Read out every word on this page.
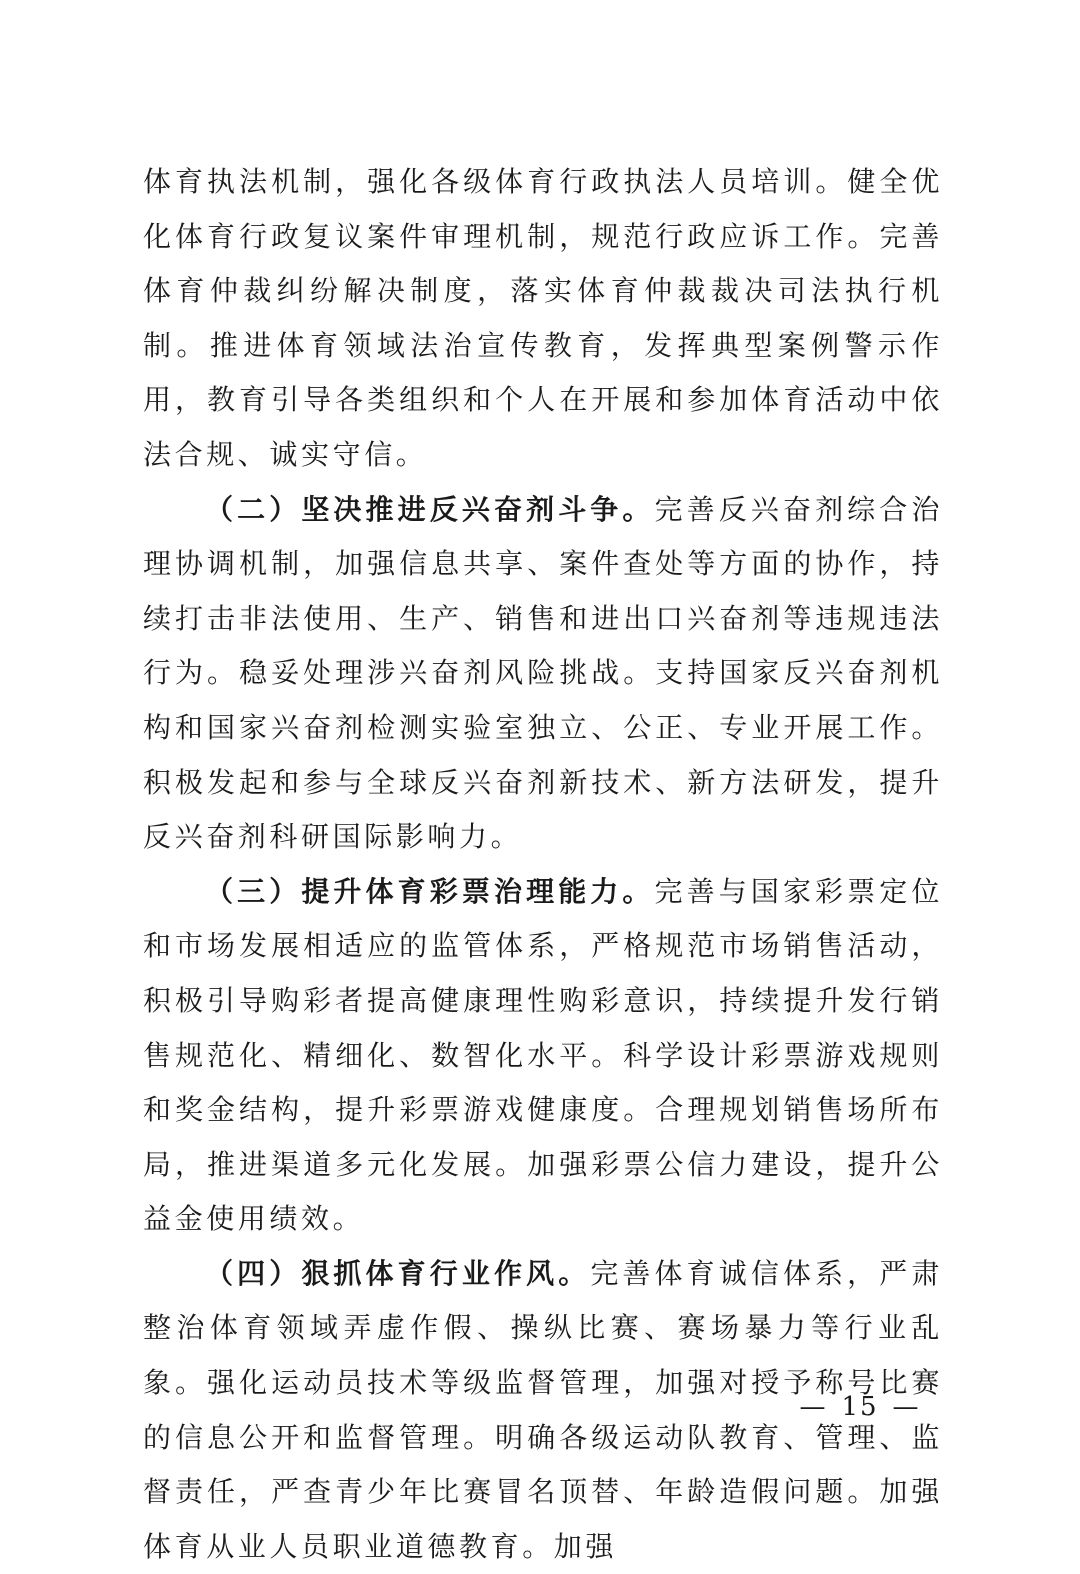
体育执法机制，强化各级体育行政执法人员培训。健全优化体育行政复议案件审理机制，规范行政应诉工作。完善体育仲裁纠纷解决制度，落实体育仲裁裁决司法执行机制。推进体育领域法治宣传教育，发挥典型案例警示作用，教育引导各类组织和个人在开展和参加体育活动中依法合规、诚实守信。

（二）坚决推进反兴奋剂斗争。完善反兴奋剂综合治理协调机制，加强信息共享、案件查处等方面的协作，持续打击非法使用、生产、销售和进出口兴奋剂等违规违法行为。稳妥处理涉兴奋剂风险挑战。支持国家反兴奋剂机构和国家兴奋剂检测实验室独立、公正、专业开展工作。积极发起和参与全球反兴奋剂新技术、新方法研发，提升反兴奋剂科研国际影响力。

（三）提升体育彩票治理能力。完善与国家彩票定位和市场发展相适应的监管体系，严格规范市场销售活动，积极引导购彩者提高健康理性购彩意识，持续提升发行销售规范化、精细化、数智化水平。科学设计彩票游戏规则和奖金结构，提升彩票游戏健康度。合理规划销售场所布局，推进渠道多元化发展。加强彩票公信力建设，提升公益金使用绩效。

（四）狠抓体育行业作风。完善体育诚信体系，严肃整治体育领域弄虚作假、操纵比赛、赛场暴力等行业乱象。强化运动员技术等级监督管理，加强对授予称号比赛的信息公开和监督管理。明确各级运动队教育、管理、监督责任，严查青少年比赛冒名顶替、年龄造假问题。加强体育从业人员职业道德教育。加强

— 15 —
